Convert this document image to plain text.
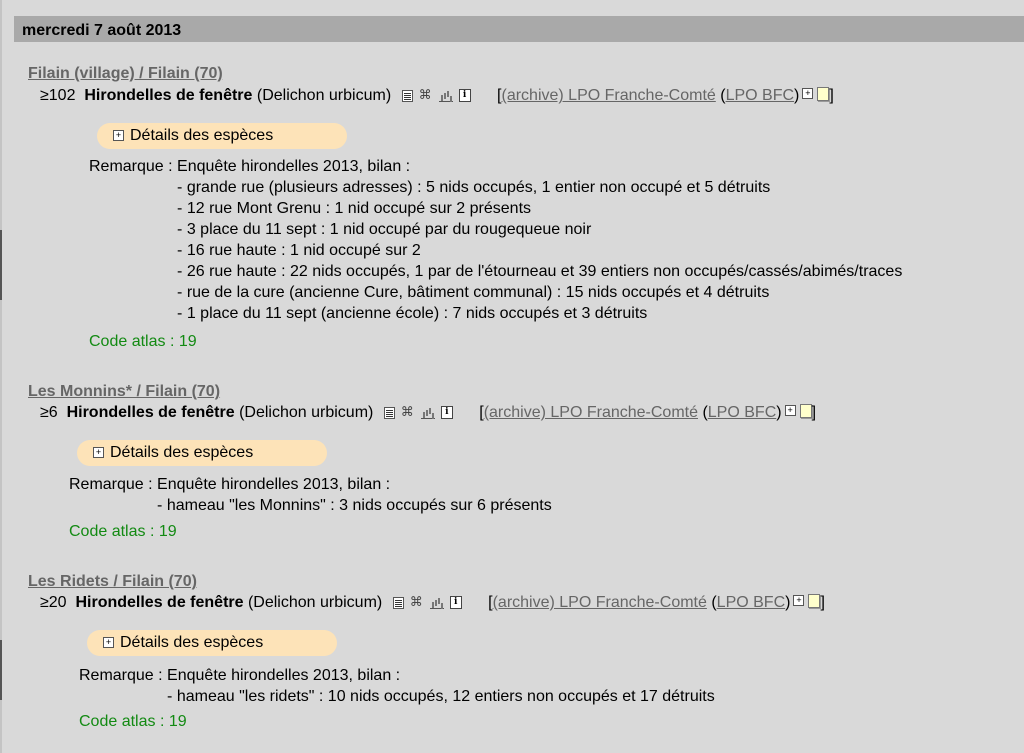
mercredi 7 août 2013
Filain (village) / Filain (70)
≥102 Hirondelles de fenêtre (Delichon urbicum) ⌘	i [(archive) LPO Franche-Comté (LPO BFC) + ]
+ Détails des espèces
Remarque : Enquête hirondelles 2013, bilan :
- grande rue (plusieurs adresses) : 5 nids occupés, 1 entier non occupé et 5 détruits
- 12 rue Mont Grenu : 1 nid occupé sur 2 présents
- 3 place du 11 sept : 1 nid occupé par du rougequeue noir
- 16 rue haute : 1 nid occupé sur 2
- 26 rue haute : 22 nids occupés, 1 par de l'étourneau et 39 entiers non occupés/cassés/abimés/traces
- rue de la cure (ancienne Cure, bâtiment communal) : 15 nids occupés et 4 détruits
- 1 place du 11 sept (ancienne école) : 7 nids occupés et 3 détruits
Code atlas : 19
Les Monnins* / Filain (70)
≥6 Hirondelles de fenêtre (Delichon urbicum) ⌘	i [(archive) LPO Franche-Comté (LPO BFC) + ]
+ Détails des espèces
Remarque : Enquête hirondelles 2013, bilan :
- hameau "les Monnins" : 3 nids occupés sur 6 présents
Code atlas : 19
Les Ridets / Filain (70)
≥20 Hirondelles de fenêtre (Delichon urbicum) ⌘	i [(archive) LPO Franche-Comté (LPO BFC) + ]
+ Détails des espèces
Remarque : Enquête hirondelles 2013, bilan :
- hameau "les ridets" : 10 nids occupés, 12 entiers non occupés et 17 détruits
Code atlas : 19
